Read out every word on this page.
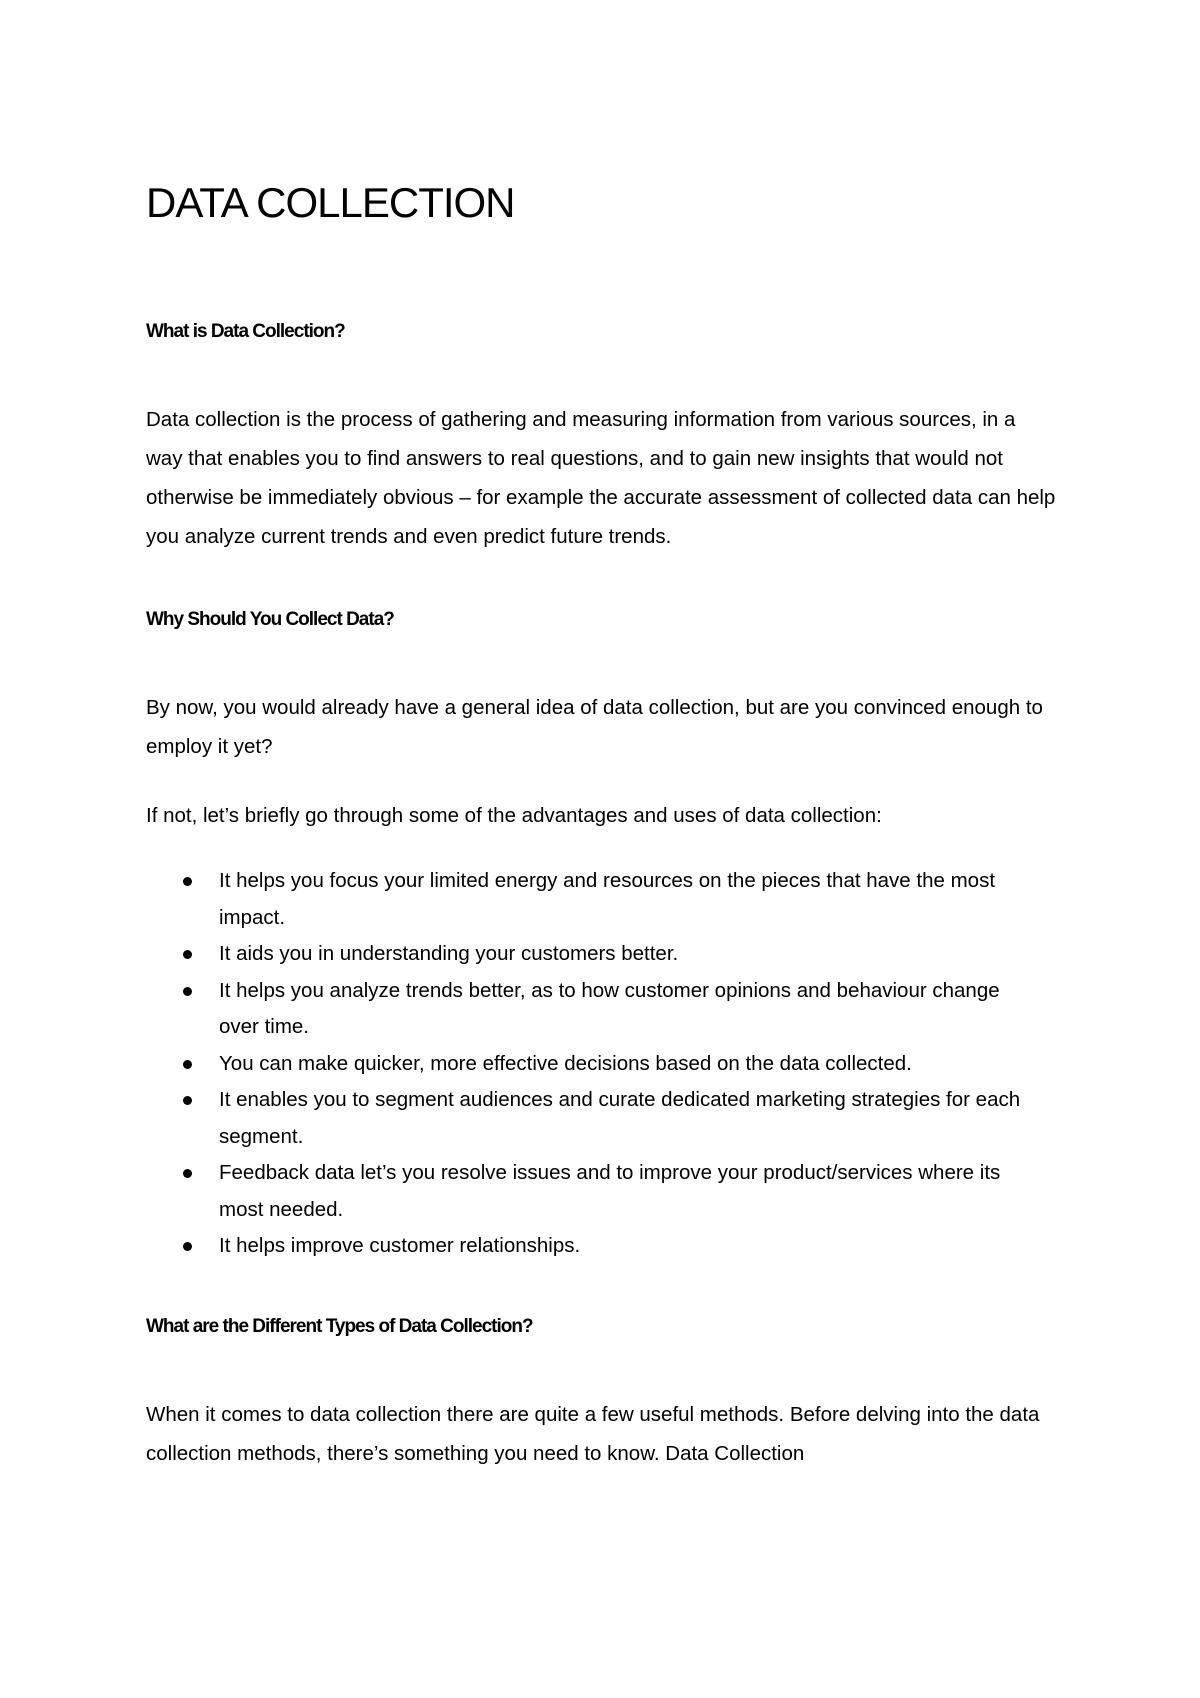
DATA COLLECTION
What is Data Collection?

Data collection is the process of gathering and measuring information from various sources, in a way that enables you to find answers to real questions, and to gain new insights that would not otherwise be immediately obvious – for example the accurate assessment of collected data can help you analyze current trends and even predict future trends.

Why Should You Collect Data?

By now, you would already have a general idea of data collection, but are you convinced enough to employ it yet?

If not, let’s briefly go through some of the advantages and uses of data collection:

It helps you focus your limited energy and resources on the pieces that have the most impact.
It aids you in understanding your customers better.
It helps you analyze trends better, as to how customer opinions and behaviour change over time.
You can make quicker, more effective decisions based on the data collected.
It enables you to segment audiences and curate dedicated marketing strategies for each segment.
Feedback data let’s you resolve issues and to improve your product/services where its most needed.
It helps improve customer relationships.
What are the Different Types of Data Collection?

When it comes to data collection there are quite a few useful methods. Before delving into the data collection methods, there’s something you need to know. Data Collection
